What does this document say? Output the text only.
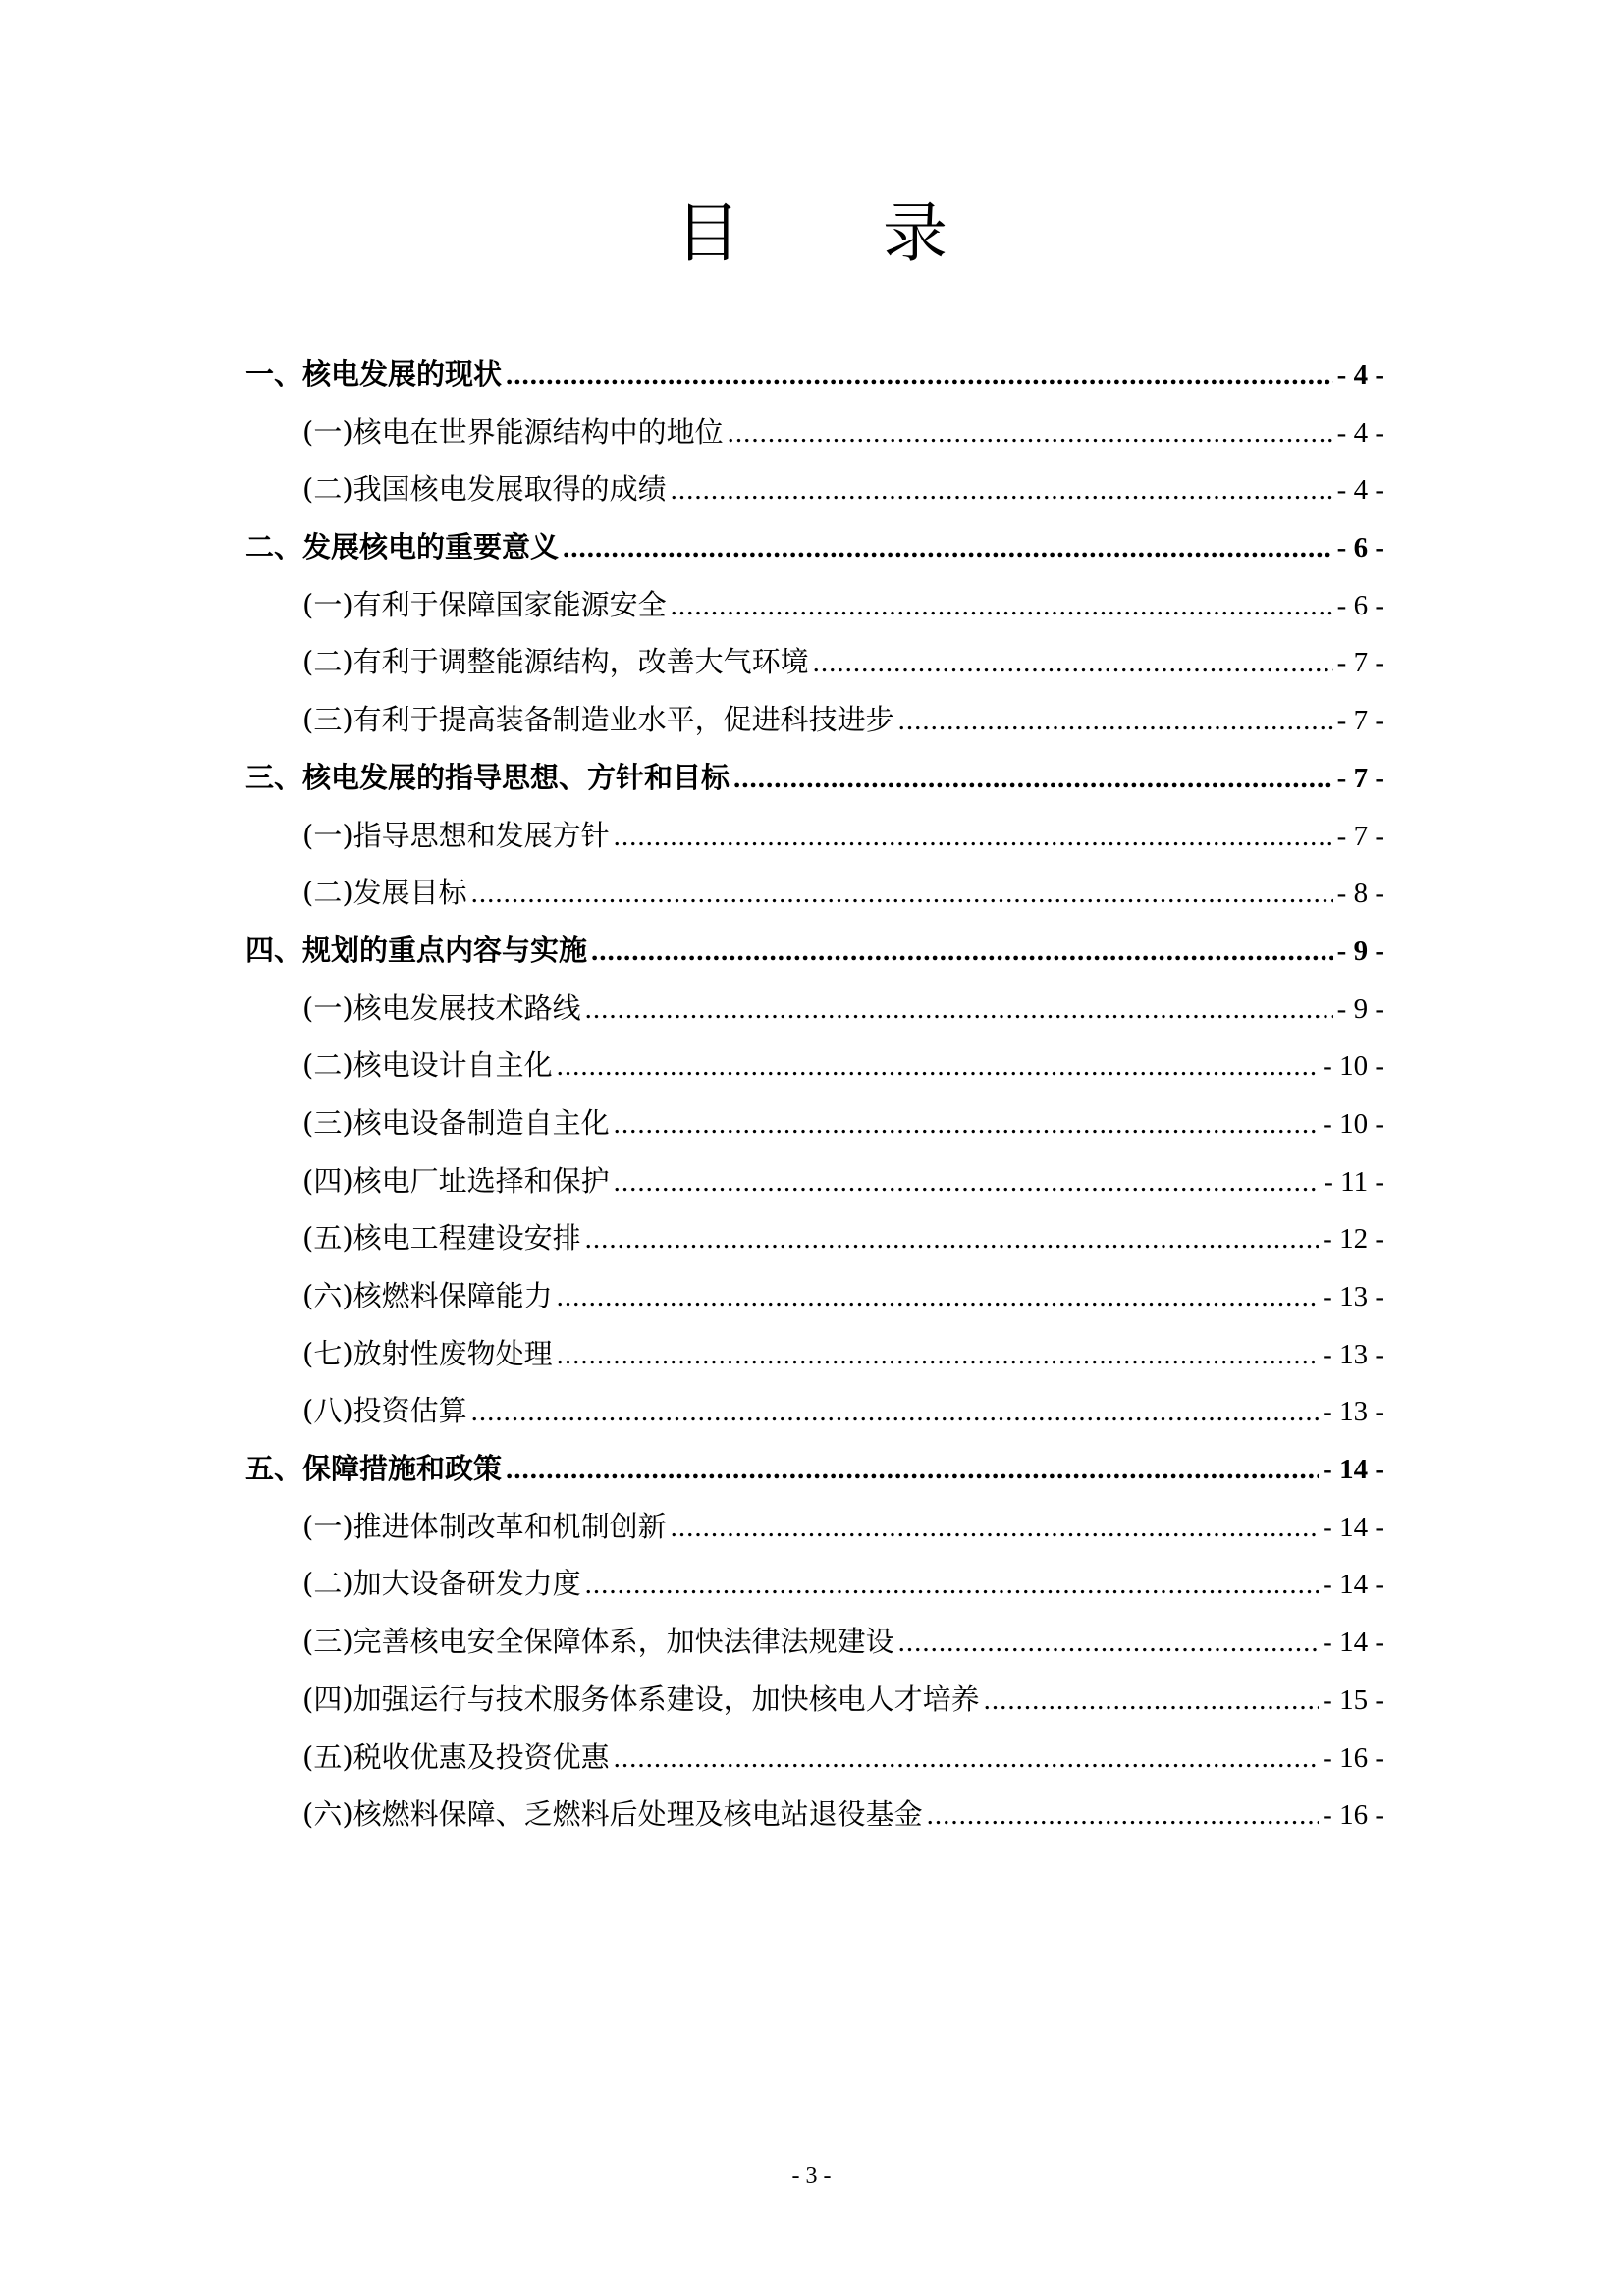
目 录
一、核电发展的现状 .....	- 4 -
(一)核电在世界能源结构中的地位 .....	- 4 -
(二)我国核电发展取得的成绩 .....	- 4 -
二、发展核电的重要意义 .....	- 6 -
(一)有利于保障国家能源安全 .....	- 6 -
(二)有利于调整能源结构，改善大气环境 .....	- 7 -
(三)有利于提高装备制造业水平，促进科技进步 .....	- 7 -
三、核电发展的指导思想、方针和目标 .....	- 7 -
(一)指导思想和发展方针 .....	- 7 -
(二)发展目标 .....	- 8 -
四、规划的重点内容与实施 .....	- 9 -
(一)核电发展技术路线 .....	- 9 -
(二)核电设计自主化 .....	- 10 -
(三)核电设备制造自主化 .....	- 10 -
(四)核电厂址选择和保护 .....	- 11 -
(五)核电工程建设安排 .....	- 12 -
(六)核燃料保障能力 .....	- 13 -
(七)放射性废物处理 .....	- 13 -
(八)投资估算 .....	- 13 -
五、保障措施和政策 .....	- 14 -
(一)推进体制改革和机制创新 .....	- 14 -
(二)加大设备研发力度 .....	- 14 -
(三)完善核电安全保障体系，加快法律法规建设 .....	- 14 -
(四)加强运行与技术服务体系建设，加快核电人才培养 .....	- 15 -
(五)税收优惠及投资优惠 .....	- 16 -
(六)核燃料保障、乏燃料后处理及核电站退役基金 .....	- 16 -
- 3 -
